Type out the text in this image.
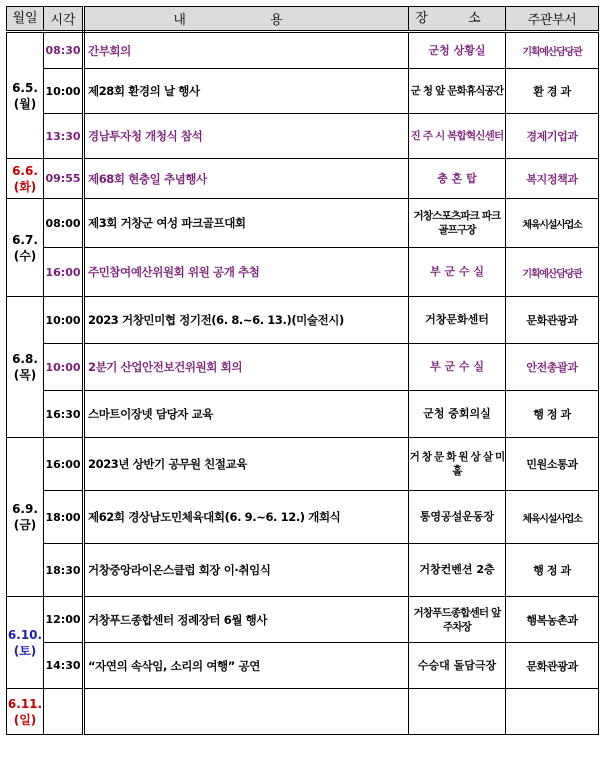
월일	시각	내 용	장 소	주관부서

6.5.
(월)	08:30	간부회의	군청 상황실	기획예산담당관
	10:00	제28회 환경의 날 행사	군 청 앞 문화휴식공간	환 경 과
	13:30	경남투자청 개청식 참석	진 주 시 복합혁신센터	경제기업과

6.6.
(화)	09:55	제68회 현충일 추념행사	충 혼 탑	복지정책과

6.7.
(수)	08:00	제3회 거창군 여성 파크골프대회	거창스포츠파크 파크골프구장	체육시설사업소
	16:00	주민참여예산위원회 위원 공개 추첨	부 군 수 실	기획예산담당관

6.8.
(목)	10:00	2023 거창민미협 정기전(6. 8.~6. 13.)(미술전시)	거창문화센터	문화관광과
	10:00	2분기 산업안전보건위원회 회의	부 군 수 실	안전총괄과
	16:30	스마트이장넷 담당자 교육	군청 중회의실	행 정 과

6.9.
(금)	16:00	2023년 상반기 공무원 친절교육	거 창 문 화 원 상 살 미 홀	민원소통과
	18:00	제62회 경상남도민체육대회(6. 9.~6. 12.) 개회식	통영공설운동장	체육시설사업소
	18:30	거창중앙라이온스클럽 회장 이·취임식	거창컨벤션 2층	행 정 과

6.10.
(토)	12:00	거창푸드종합센터 정례장터 6월 행사	거창푸드종합센터 앞 주차장	행복농촌과
	14:30	“자연의 속삭임, 소리의 여행” 공연	수승대 돌담극장	문화관광과

6.11.
(일)				
